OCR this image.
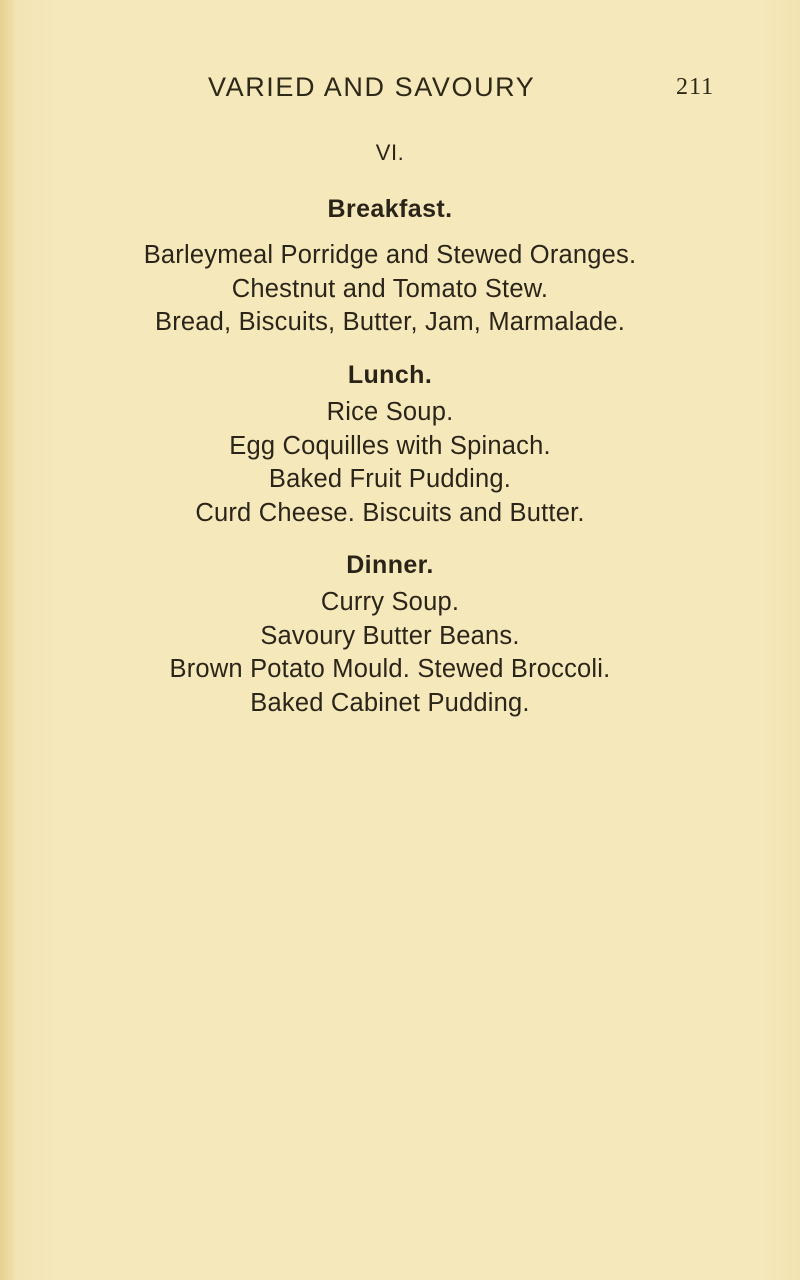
VARIED AND SAVOURY	211
VI.
Breakfast.
Barleymeal Porridge and Stewed Oranges.
Chestnut and Tomato Stew.
Bread, Biscuits, Butter, Jam, Marmalade.
Lunch.
Rice Soup.
Egg Coquilles with Spinach.
Baked Fruit Pudding.
Curd Cheese. Biscuits and Butter.
Dinner.
Curry Soup.
Savoury Butter Beans.
Brown Potato Mould. Stewed Broccoli.
Baked Cabinet Pudding.
